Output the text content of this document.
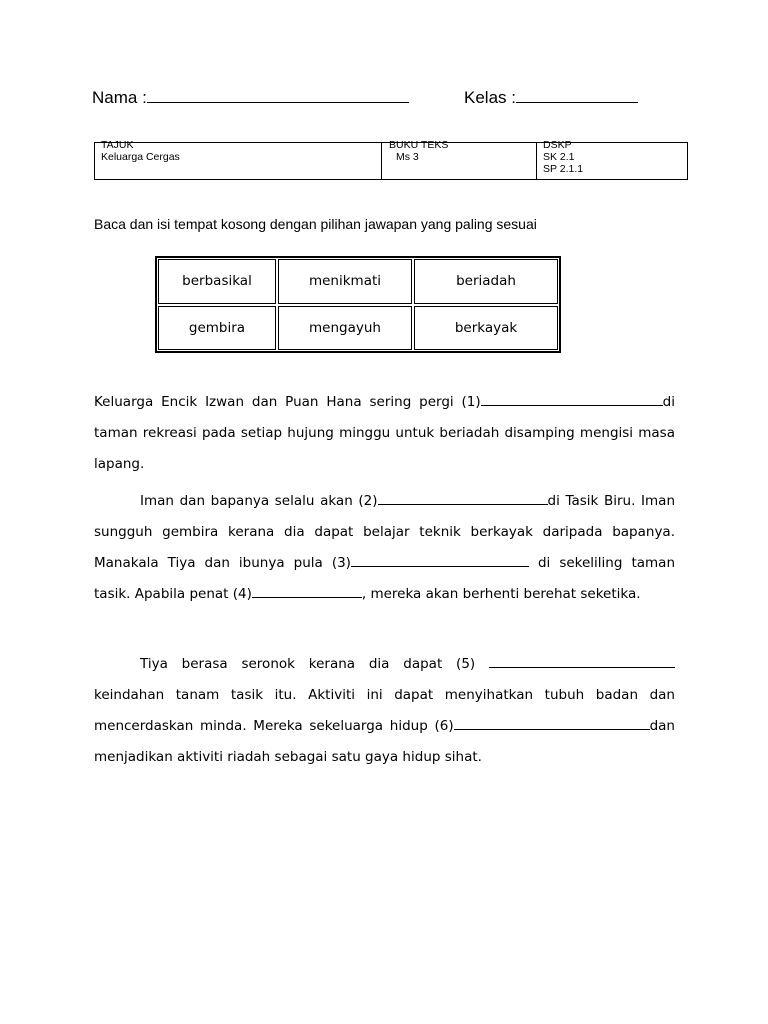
Nama :	Kelas :
TAJUK
Keluarga Cergas
BUKU TEKS
Ms 3
DSKP
SK 2.1
SP 2.1.1
Baca dan isi tempat kosong dengan pilihan jawapan yang paling sesuai
berbasikal	menikmati	beriadah
gembira	mengayuh	berkayak
Keluarga Encik Izwan dan Puan Hana sering pergi (1)	di taman rekreasi pada setiap hujung minggu untuk beriadah disamping mengisi masa lapang.
Iman dan bapanya selalu akan (2)	di Tasik Biru. Iman sungguh gembira kerana dia dapat belajar teknik berkayak daripada bapanya. Manakala Tiya dan ibunya pula (3)	di sekeliling taman tasik. Apabila penat (4)	, mereka akan berhenti berehat seketika.
Tiya berasa seronok kerana dia dapat (5)  keindahan tanam tasik itu. Aktiviti ini dapat menyihatkan tubuh badan dan mencerdaskan minda. Mereka sekeluarga hidup (6)	dan menjadikan aktiviti riadah sebagai satu gaya hidup sihat.
